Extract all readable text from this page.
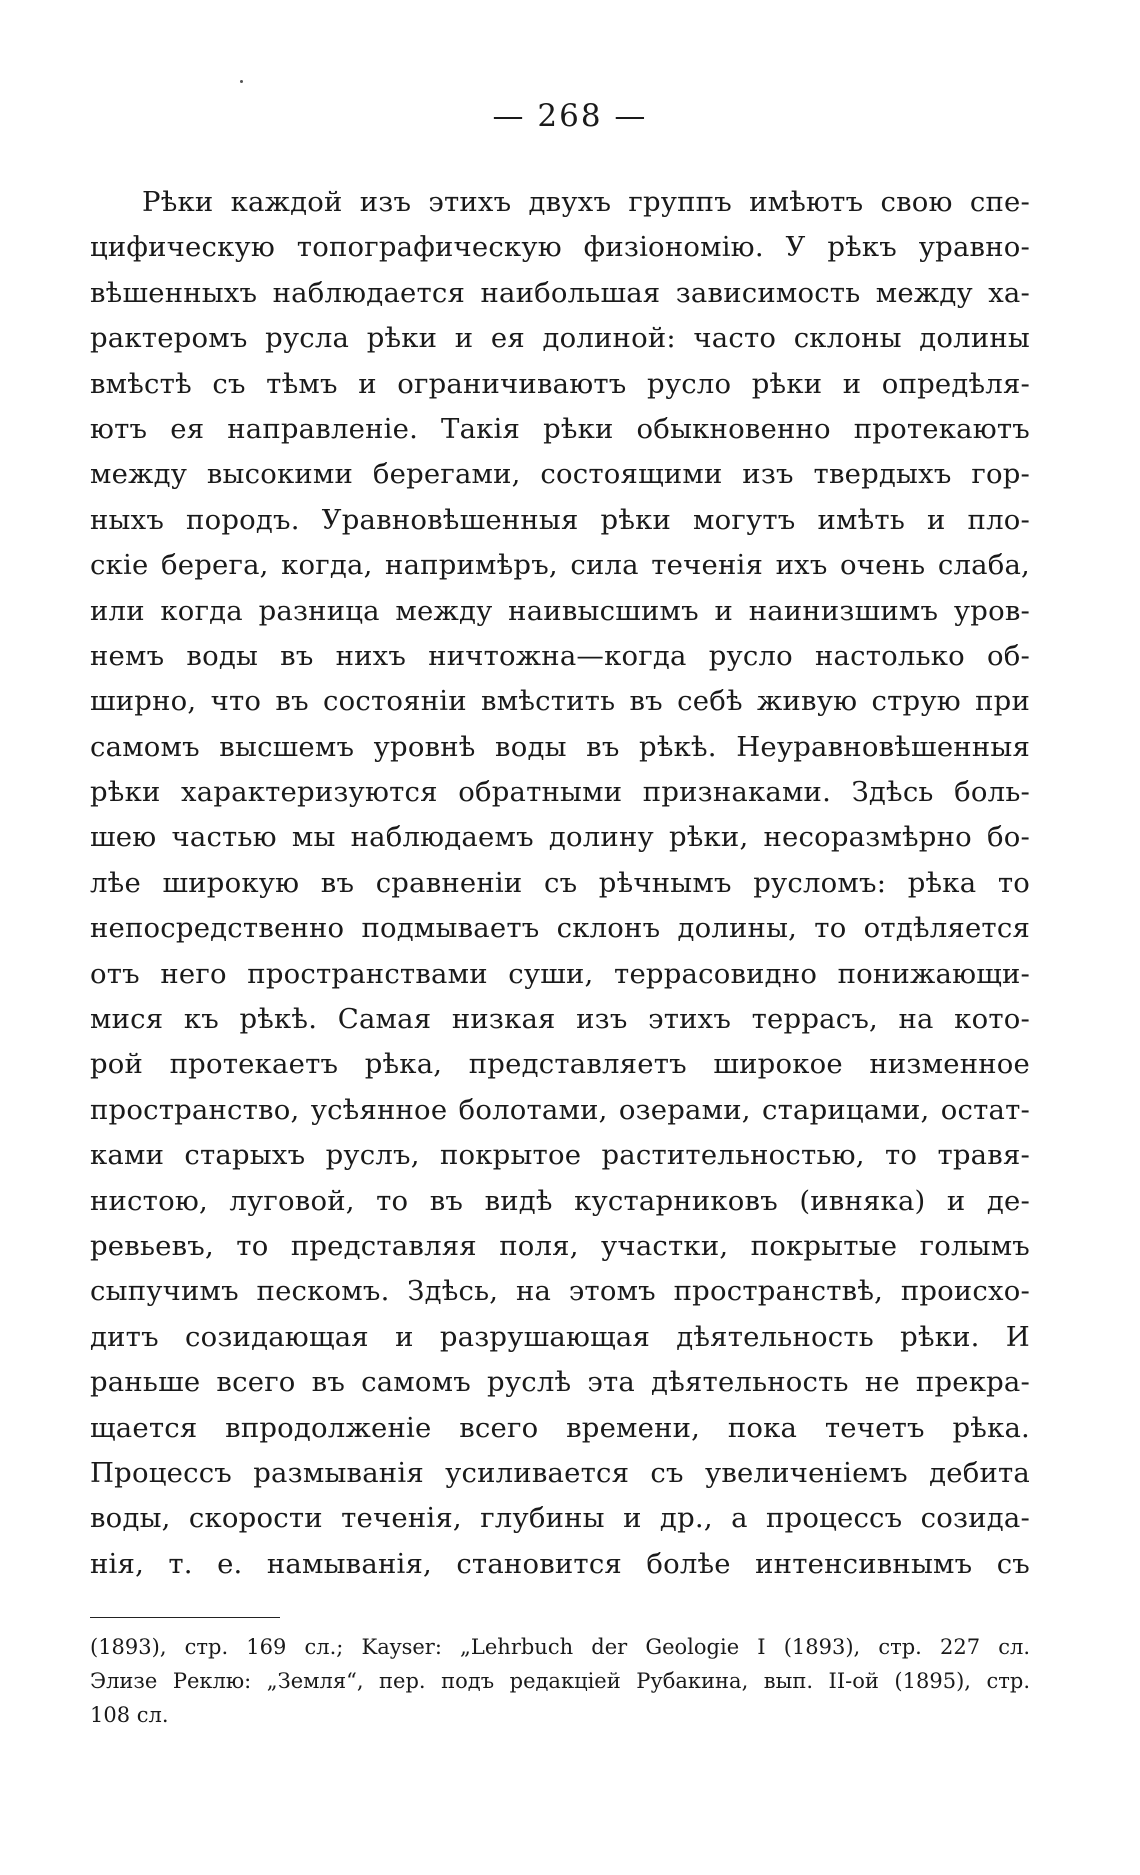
— 268 —
Рѣки каждой изъ этихъ двухъ группъ имѣютъ свою спе-
цифическую топографическую физіономію. У рѣкъ уравно-
вѣшенныхъ наблюдается наибольшая зависимость между ха-
рактеромъ русла рѣки и ея долиной: часто склоны долины
вмѣстѣ съ тѣмъ и ограничиваютъ русло рѣки и опредѣля-
ютъ ея направленіе. Такія рѣки обыкновенно протекаютъ
между высокими берегами, состоящими изъ твердыхъ гор-
ныхъ породъ. Уравновѣшенныя рѣки могутъ имѣть и пло-
скіе берега, когда, напримѣръ, сила теченія ихъ очень слаба,
или когда разница между наивысшимъ и наинизшимъ уров-
немъ воды въ нихъ ничтожна—когда русло настолько об-
ширно, что въ состояніи вмѣстить въ себѣ живую струю при
самомъ высшемъ уровнѣ воды въ рѣкѣ. Неуравновѣшенныя
рѣки характеризуются обратными признаками. Здѣсь боль-
шею частью мы наблюдаемъ долину рѣки, несоразмѣрно бо-
лѣе широкую въ сравненіи съ рѣчнымъ русломъ: рѣка то
непосредственно подмываетъ склонъ долины, то отдѣляется
отъ него пространствами суши, террасовидно понижающи-
мися къ рѣкѣ. Самая низкая изъ этихъ террасъ, на кото-
рой протекаетъ рѣка, представляетъ широкое низменное
пространство, усѣянное болотами, озерами, старицами, остат-
ками старыхъ руслъ, покрытое растительностью, то травя-
нистою, луговой, то въ видѣ кустарниковъ (ивняка) и де-
ревьевъ, то представляя поля, участки, покрытые голымъ
сыпучимъ пескомъ. Здѣсь, на этомъ пространствѣ, происхо-
дитъ созидающая и разрушающая дѣятельность рѣки. И
раньше всего въ самомъ руслѣ эта дѣятельность не прекра-
щается впродолженіе всего времени, пока течетъ рѣка.
Процессъ размыванія усиливается съ увеличеніемъ дебита
воды, скорости теченія, глубины и др., а процессъ созида-
нія, т. е. намыванія, становится болѣе интенсивнымъ съ
(1893), стр. 169 сл.; Kayser: „Lehrbuch der Geologie I (1893), стр. 227 сл.
Элизе Реклю: „Земля“, пер. подъ редакціей Рубакина, вып. II-ой (1895), стр.
108 сл.
